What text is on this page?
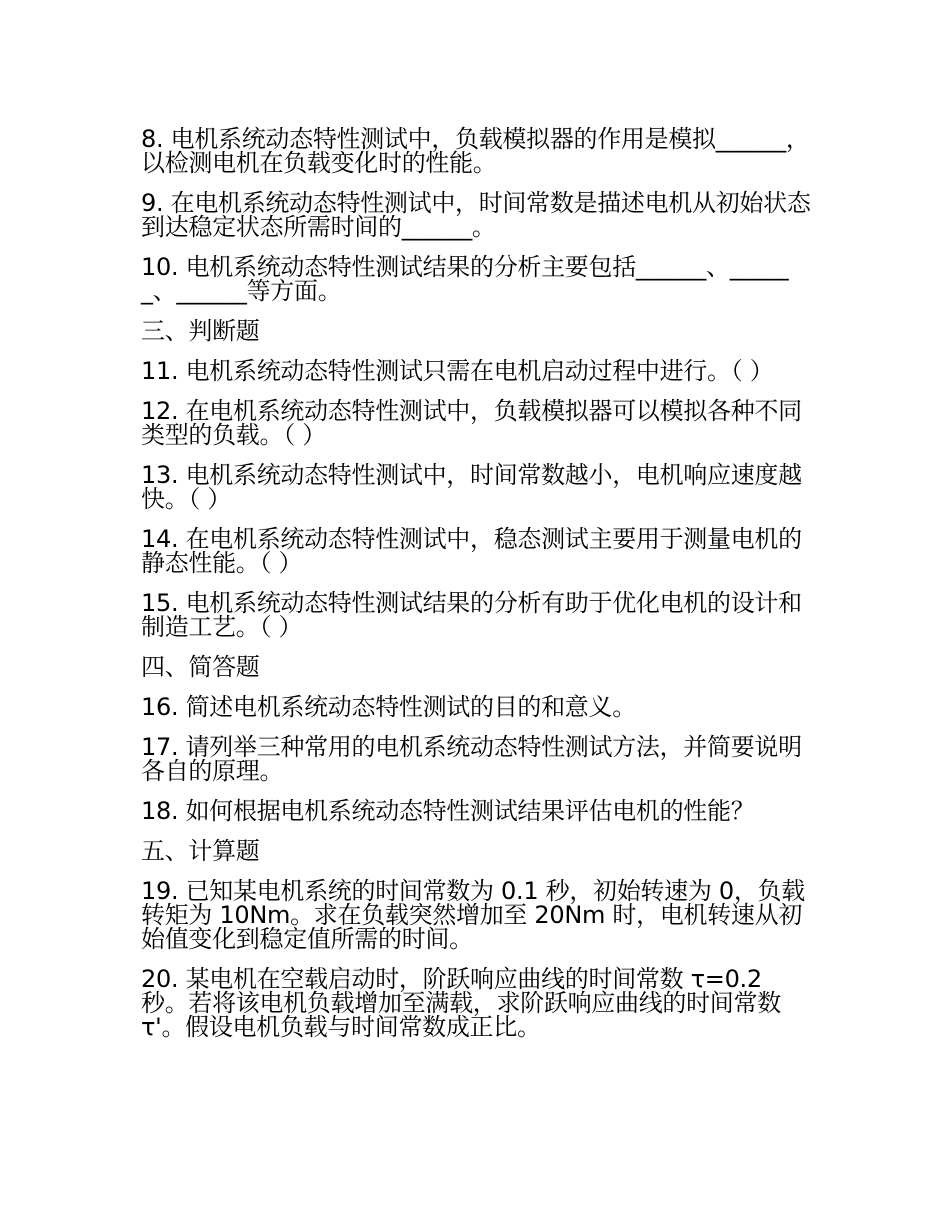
8. 电机系统动态特性测试中，负载模拟器的作用是模拟______，以检测电机在负载变化时的性能。

9. 在电机系统动态特性测试中，时间常数是描述电机从初始状态到达稳定状态所需时间的______。

10. 电机系统动态特性测试结果的分析主要包括______、______、______等方面。

三、判断题

11. 电机系统动态特性测试只需在电机启动过程中进行。（ ）

12. 在电机系统动态特性测试中，负载模拟器可以模拟各种不同类型的负载。（ ）

13. 电机系统动态特性测试中，时间常数越小，电机响应速度越快。（ ）

14. 在电机系统动态特性测试中，稳态测试主要用于测量电机的静态性能。（ ）

15. 电机系统动态特性测试结果的分析有助于优化电机的设计和制造工艺。（ ）

四、简答题

16. 简述电机系统动态特性测试的目的和意义。

17. 请列举三种常用的电机系统动态特性测试方法，并简要说明各自的原理。

18. 如何根据电机系统动态特性测试结果评估电机的性能？

五、计算题

19. 已知某电机系统的时间常数为 0.1 秒，初始转速为 0，负载转矩为 10Nm。求在负载突然增加至 20Nm 时，电机转速从初始值变化到稳定值所需的时间。

20. 某电机在空载启动时，阶跃响应曲线的时间常数 τ=0.2 秒。若将该电机负载增加至满载，求阶跃响应曲线的时间常数 τ'。假设电机负载与时间常数成正比。
